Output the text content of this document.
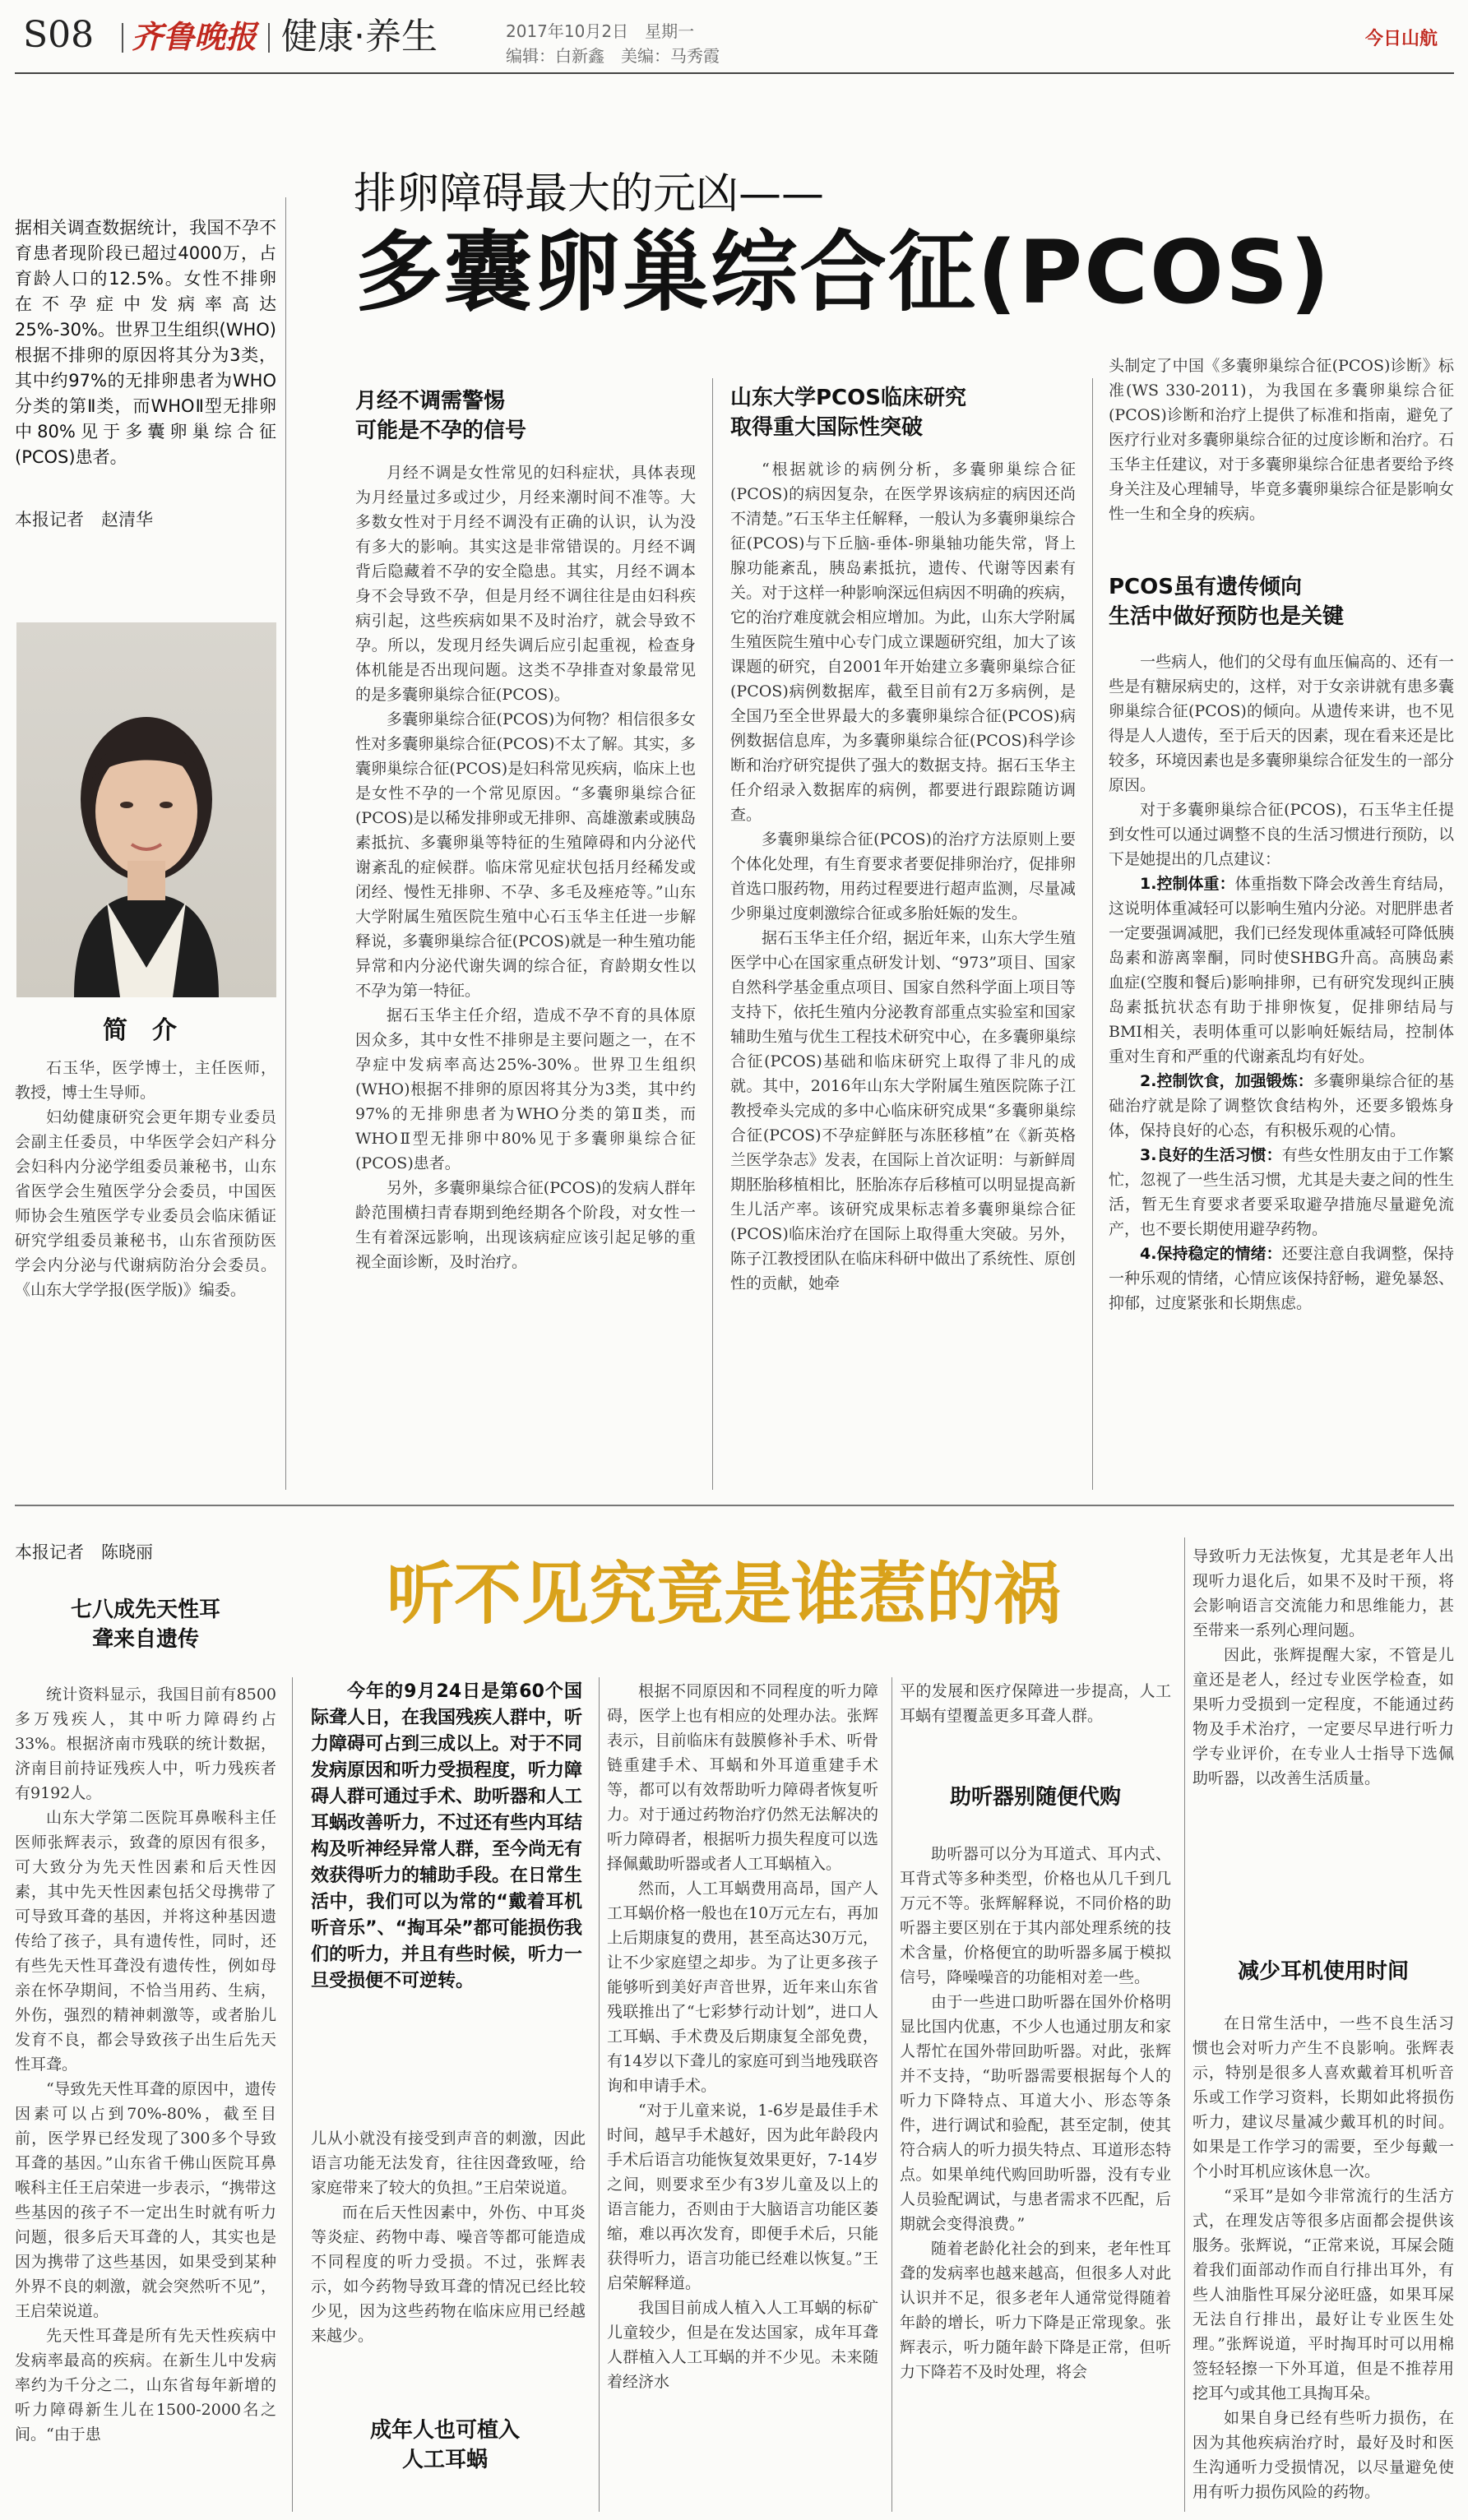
S08 齐鲁晚报 健康·养生	2017年10月2日　星期一
编辑：白新鑫　美编：马秀霞
今日山航
据相关调查数据统计，我国不孕不育患者现阶段已超过4000万，占育龄人口的12.5%。女性不排卵在不孕症中发病率高达25%-30%。世界卫生组织(WHO)根据不排卵的原因将其分为3类，其中约97%的无排卵患者为WHO分类的第Ⅱ类，而WHOⅡ型无排卵中80%见于多囊卵巢综合征(PCOS)患者。
排卵障碍最大的元凶——
多囊卵巢综合征(PCOS)
本报记者　赵清华
简　介

石玉华，医学博士，主任医师，教授，博士生导师。

妇幼健康研究会更年期专业委员会副主任委员，中华医学会妇产科分会妇科内分泌学组委员兼秘书，山东省医学会生殖医学分会委员，中国医师协会生殖医学专业委员会临床循证研究学组委员兼秘书，山东省预防医学会内分泌与代谢病防治分会委员。《山东大学学报(医学版)》编委。

月经不调需警惕
可能是不孕的信号

月经不调是女性常见的妇科症状，具体表现为月经量过多或过少，月经来潮时间不准等。大多数女性对于月经不调没有正确的认识，认为没有多大的影响。其实这是非常错误的。月经不调背后隐藏着不孕的安全隐患。其实，月经不调本身不会导致不孕，但是月经不调往往是由妇科疾病引起，这些疾病如果不及时治疗，就会导致不孕。所以，发现月经失调后应引起重视，检查身体机能是否出现问题。这类不孕排查对象最常见的是多囊卵巢综合征(PCOS)。

多囊卵巢综合征(PCOS)为何物？相信很多女性对多囊卵巢综合征(PCOS)不太了解。其实，多囊卵巢综合征(PCOS)是妇科常见疾病，临床上也是女性不孕的一个常见原因。“多囊卵巢综合征(PCOS)是以稀发排卵或无排卵、高雄激素或胰岛素抵抗、多囊卵巢等特征的生殖障碍和内分泌代谢紊乱的症候群。临床常见症状包括月经稀发或闭经、慢性无排卵、不孕、多毛及痤疮等。”山东大学附属生殖医院生殖中心石玉华主任进一步解释说，多囊卵巢综合征(PCOS)就是一种生殖功能异常和内分泌代谢失调的综合征，育龄期女性以不孕为第一特征。

据石玉华主任介绍，造成不孕不育的具体原因众多，其中女性不排卵是主要问题之一，在不孕症中发病率高达25%-30%。世界卫生组织(WHO)根据不排卵的原因将其分为3类，其中约97%的无排卵患者为WHO分类的第Ⅱ类，而WHOⅡ型无排卵中80%见于多囊卵巢综合征(PCOS)患者。

另外，多囊卵巢综合征(PCOS)的发病人群年龄范围横扫青春期到绝经期各个阶段，对女性一生有着深远影响，出现该病症应该引起足够的重视全面诊断，及时治疗。

山东大学PCOS临床研究
取得重大国际性突破

“根据就诊的病例分析，多囊卵巢综合征(PCOS)的病因复杂，在医学界该病症的病因还尚不清楚。”石玉华主任解释，一般认为多囊卵巢综合征(PCOS)与下丘脑-垂体-卵巢轴功能失常，肾上腺功能紊乱，胰岛素抵抗，遗传、代谢等因素有关。对于这样一种影响深远但病因不明确的疾病，它的治疗难度就会相应增加。为此，山东大学附属生殖医院生殖中心专门成立课题研究组，加大了该课题的研究，自2001年开始建立多囊卵巢综合征(PCOS)病例数据库，截至目前有2万多病例，是全国乃至全世界最大的多囊卵巢综合征(PCOS)病例数据信息库，为多囊卵巢综合征(PCOS)科学诊断和治疗研究提供了强大的数据支持。据石玉华主任介绍录入数据库的病例，都要进行跟踪随访调查。

多囊卵巢综合征(PCOS)的治疗方法原则上要个体化处理，有生育要求者要促排卵治疗，促排卵首选口服药物，用药过程要进行超声监测，尽量减少卵巢过度刺激综合征或多胎妊娠的发生。

据石玉华主任介绍，据近年来，山东大学生殖医学中心在国家重点研发计划、“973”项目、国家自然科学基金重点项目、国家自然科学面上项目等支持下，依托生殖内分泌教育部重点实验室和国家辅助生殖与优生工程技术研究中心，在多囊卵巢综合征(PCOS)基础和临床研究上取得了非凡的成就。其中，2016年山东大学附属生殖医院陈子江教授牵头完成的多中心临床研究成果“多囊卵巢综合征(PCOS)不孕症鲜胚与冻胚移植”在《新英格兰医学杂志》发表，在国际上首次证明：与新鲜周期胚胎移植相比，胚胎冻存后移植可以明显提高新生儿活产率。该研究成果标志着多囊卵巢综合征(PCOS)临床治疗在国际上取得重大突破。另外，陈子江教授团队在临床科研中做出了系统性、原创性的贡献，她牵

头制定了中国《多囊卵巢综合征(PCOS)诊断》标准(WS 330-2011)，为我国在多囊卵巢综合征(PCOS)诊断和治疗上提供了标准和指南，避免了医疗行业对多囊卵巢综合征的过度诊断和治疗。石玉华主任建议，对于多囊卵巢综合征患者要给予终身关注及心理辅导，毕竟多囊卵巢综合征是影响女性一生和全身的疾病。

PCOS虽有遗传倾向
生活中做好预防也是关键

一些病人，他们的父母有血压偏高的、还有一些是有糖尿病史的，这样，对于女亲讲就有患多囊卵巢综合征(PCOS)的倾向。从遗传来讲，也不见得是人人遗传，至于后天的因素，现在看来还是比较多，环境因素也是多囊卵巢综合征发生的一部分原因。

对于多囊卵巢综合征(PCOS)，石玉华主任提到女性可以通过调整不良的生活习惯进行预防，以下是她提出的几点建议：

1.控制体重：体重指数下降会改善生育结局，这说明体重减轻可以影响生殖内分泌。对肥胖患者一定要强调减肥，我们已经发现体重减轻可降低胰岛素和游离睾酮，同时使SHBG升高。高胰岛素血症(空腹和餐后)影响排卵，已有研究发现纠正胰岛素抵抗状态有助于排卵恢复，促排卵结局与BMI相关，表明体重可以影响妊娠结局，控制体重对生育和严重的代谢紊乱均有好处。

2.控制饮食，加强锻炼：多囊卵巢综合征的基础治疗就是除了调整饮食结构外，还要多锻炼身体，保持良好的心态，有积极乐观的心情。

3.良好的生活习惯：有些女性朋友由于工作繁忙，忽视了一些生活习惯，尤其是夫妻之间的性生活，暂无生育要求者要采取避孕措施尽量避免流产，也不要长期使用避孕药物。

4.保持稳定的情绪：还要注意自我调整，保持一种乐观的情绪，心情应该保持舒畅，避免暴怒、抑郁，过度紧张和长期焦虑。

本报记者　陈晓丽
听不见究竟是谁惹的祸
七八成先天性耳
聋来自遗传

统计资料显示，我国目前有8500多万残疾人，其中听力障碍约占33%。根据济南市残联的统计数据，济南目前持证残疾人中，听力残疾者有9192人。

山东大学第二医院耳鼻喉科主任医师张辉表示，致聋的原因有很多，可大致分为先天性因素和后天性因素，其中先天性因素包括父母携带了可导致耳聋的基因，并将这种基因遗传给了孩子，具有遗传性，同时，还有些先天性耳聋没有遗传性，例如母亲在怀孕期间，不恰当用药、生病，外伤，强烈的精神刺激等，或者胎儿发育不良，都会导致孩子出生后先天性耳聋。

“导致先天性耳聋的原因中，遗传因素可以占到70%-80%，截至目前，医学界已经发现了300多个导致耳聋的基因。”山东省千佛山医院耳鼻喉科主任王启荣进一步表示，“携带这些基因的孩子不一定出生时就有听力问题，很多后天耳聋的人，其实也是因为携带了这些基因，如果受到某种外界不良的刺激，就会突然听不见”，王启荣说道。

先天性耳聋是所有先天性疾病中发病率最高的疾病。在新生儿中发病率约为千分之二，山东省每年新增的听力障碍新生儿在1500-2000名之间。“由于患

今年的9月24日是第60个国际聋人日，在我国残疾人群中，听力障碍可占到三成以上。对于不同发病原因和听力受损程度，听力障碍人群可通过手术、助听器和人工耳蜗改善听力，不过还有些内耳结构及听神经异常人群，至今尚无有效获得听力的辅助手段。在日常生活中，我们可以为常的“戴着耳机听音乐”、“掏耳朵”都可能损伤我们的听力，并且有些时候，听力一旦受损便不可逆转。

儿从小就没有接受到声音的刺激，因此语言功能无法发育，往往因聋致哑，给家庭带来了较大的负担。”王启荣说道。

而在后天性因素中，外伤、中耳炎等炎症、药物中毒、噪音等都可能造成不同程度的听力受损。不过，张辉表示，如今药物导致耳聋的情况已经比较少见，因为这些药物在临床应用已经越来越少。

成年人也可植入
人工耳蜗

根据不同原因和不同程度的听力障碍，医学上也有相应的处理办法。张辉表示，目前临床有鼓膜修补手术、听骨链重建手术、耳蜗和外耳道重建手术等，都可以有效帮助听力障碍者恢复听力。对于通过药物治疗仍然无法解决的听力障碍者，根据听力损失程度可以选择佩戴助听器或者人工耳蜗植入。

然而，人工耳蜗费用高昂，国产人工耳蜗价格一般也在10万元左右，再加上后期康复的费用，甚至高达30万元，让不少家庭望之却步。为了让更多孩子能够听到美好声音世界，近年来山东省残联推出了“七彩梦行动计划”，进口人工耳蜗、手术费及后期康复全部免费，有14岁以下聋儿的家庭可到当地残联咨询和申请手术。

“对于儿童来说，1-6岁是最佳手术时间，越早手术越好，因为此年龄段内手术后语言功能恢复效果更好，7-14岁之间，则要求至少有3岁儿童及以上的语言能力，否则由于大脑语言功能区萎缩，难以再次发育，即便手术后，只能获得听力，语言功能已经难以恢复。”王启荣解释道。

我国目前成人植入人工耳蜗的标矿儿童较少，但是在发达国家，成年耳聋人群植入人工耳蜗的并不少见。未来随着经济水

平的发展和医疗保障进一步提高，人工耳蜗有望覆盖更多耳聋人群。

助听器别随便代购

助听器可以分为耳道式、耳内式、耳背式等多种类型，价格也从几千到几万元不等。张辉解释说，不同价格的助听器主要区别在于其内部处理系统的技术含量，价格便宜的助听器多属于模拟信号，降噪噪音的功能相对差一些。

由于一些进口助听器在国外价格明显比国内优惠，不少人也通过朋友和家人帮忙在国外带回助听器。对此，张辉并不支持，“助听器需要根据每个人的听力下降特点、耳道大小、形态等条件，进行调试和验配，甚至定制，使其符合病人的听力损失特点、耳道形态特点。如果单纯代购回助听器，没有专业人员验配调试，与患者需求不匹配，后期就会变得浪费。”

随着老龄化社会的到来，老年性耳聋的发病率也越来越高，但很多人对此认识并不足，很多老年人通常觉得随着年龄的增长，听力下降是正常现象。张辉表示，听力随年龄下降是正常，但听力下降若不及时处理，将会

导致听力无法恢复，尤其是老年人出现听力退化后，如果不及时干预，将会影响语言交流能力和思维能力，甚至带来一系列心理问题。

因此，张辉提醒大家，不管是儿童还是老人，经过专业医学检查，如果听力受损到一定程度，不能通过药物及手术治疗，一定要尽早进行听力学专业评价，在专业人士指导下选佩助听器，以改善生活质量。

减少耳机使用时间

在日常生活中，一些不良生活习惯也会对听力产生不良影响。张辉表示，特别是很多人喜欢戴着耳机听音乐或工作学习资料，长期如此将损伤听力，建议尽量减少戴耳机的时间。如果是工作学习的需要，至少每戴一个小时耳机应该休息一次。

“采耳”是如今非常流行的生活方式，在理发店等很多店面都会提供该服务。张辉说，“正常来说，耳屎会随着我们面部动作而自行排出耳外，有些人油脂性耳屎分泌旺盛，如果耳屎无法自行排出，最好让专业医生处理。”张辉说道，平时掏耳时可以用棉签轻轻擦一下外耳道，但是不推荐用挖耳勺或其他工具掏耳朵。

如果自身已经有些听力损伤，在因为其他疾病治疗时，最好及时和医生沟通听力受损情况，以尽量避免使用有听力损伤风险的药物。
